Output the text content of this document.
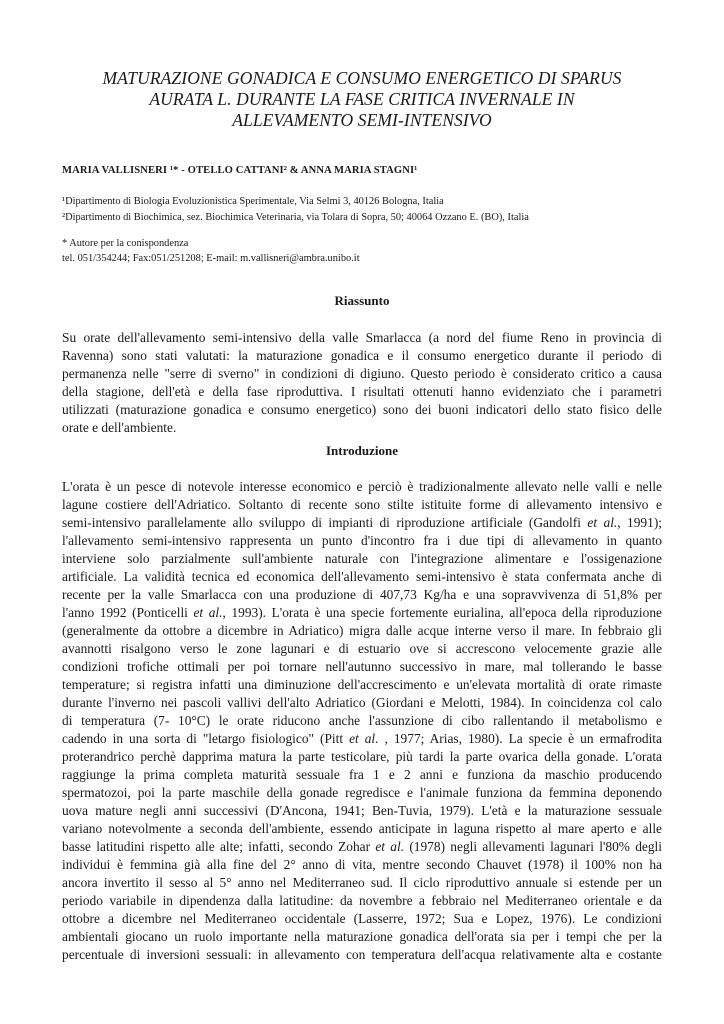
MATURAZIONE GONADICA E CONSUMO ENERGETICO DI SPARUS
AURATA L. DURANTE LA FASE CRITICA INVERNALE IN
ALLEVAMENTO SEMI-INTENSIVO
MARIA VALLISNERI ¹* - OTELLO CATTANI² & ANNA MARIA STAGNI¹
¹Dipartimento di Biologia Evoluzionistica Sperimentale, Via Selmi 3, 40126 Bologna, Italia
²Dipartimento di Biochimica, sez. Biochimica Veterinaria, via Tolara di Sopra, 50; 40064 Ozzano E. (BO), Italia
* Autore per la conispondenza
tel. 051/354244; Fax:051/251208; E-mail: m.vallisneri@ambra.unibo.it
Riassunto
Su orate dell'allevamento semi-intensivo della valle Smarlacca (a nord del fiume Reno in provincia di
Ravenna) sono stati valutati: la maturazione gonadica e il consumo energetico durante il periodo di
permanenza nelle "serre di sverno" in condizioni di digiuno. Questo periodo è considerato critico a causa
della stagione, dell'età e della fase riproduttiva. I risultati ottenuti hanno evidenziato che i parametri
utilizzati (maturazione gonadica e consumo energetico) sono dei buoni indicatori dello stato fisico delle
orate e dell'ambiente.
Introduzione
L'orata è un pesce di notevole interesse economico e perciò è tradizionalmente allevato nelle valli e nelle
lagune costiere dell'Adriatico. Soltanto di recente sono stilte istituite forme di allevamento intensivo e
semi-intensivo parallelamente allo sviluppo di impianti di riproduzione artificiale (Gandolfi et al., 1991);
l'allevamento semi-intensivo rappresenta un punto d'incontro fra i due tipi di allevamento in quanto
interviene solo parzialmente sull'ambiente naturale con l'integrazione alimentare e l'ossigenazione
artificiale. La validità tecnica ed economica dell'allevamento semi-intensivo è stata confermata anche di
recente per la valle Smarlacca con una produzione di 407,73 Kg/ha e una sopravvivenza di 51,8% per
l'anno 1992 (Ponticelli et al., 1993). L'orata è una specie fortemente eurialina, all'epoca della riproduzione
(generalmente da ottobre a dicembre in Adriatico) migra dalle acque interne verso il mare. In febbraio gli
avannotti risalgono verso le zone lagunari e di estuario ove si accrescono velocemente grazie alle
condizioni trofiche ottimali per poi tornare nell'autunno successivo in mare, mal tollerando le basse
temperature; si registra infatti una diminuzione dell'accrescimento e un'elevata mortalità di orate rimaste
durante l'inverno nei pascoli vallivi dell'alto Adriatico (Giordani e Melotti, 1984). In coincidenza col calo
di temperatura (7- 10°C) le orate riducono anche l'assunzione di cibo rallentando il metabolismo e
cadendo in una sorta di "letargo fisiologico" (Pitt et al. , 1977; Arias, 1980). La specie è un ermafrodita
proterandrico perchè dapprima matura la parte testicolare, più tardi la parte ovarica della gonade. L'orata
raggiunge la prima completa maturità sessuale fra 1 e 2 anni e funziona da maschio producendo
spermatozoi, poi la parte maschile della gonade regredisce e l'animale funziona da femmina deponendo
uova mature negli anni successivi (D'Ancona, 1941; Ben-Tuvia, 1979). L'età e la maturazione sessuale
variano notevolmente a seconda dell'ambiente, essendo anticipate in laguna rispetto al mare aperto e alle
basse latitudini rispetto alle alte; infatti, secondo Zohar et al. (1978) negli allevamenti lagunari l'80% degli
individui è femmina già alla fine del 2° anno di vita, mentre secondo Chauvet (1978) il 100% non ha
ancora invertito il sesso al 5° anno nel Mediterraneo sud. Il ciclo riproduttivo annuale si estende per un
periodo variabile in dipendenza dalla latitudine: da novembre a febbraio nel Mediterraneo orientale e da
ottobre a dicembre nel Mediterraneo occidentale (Lasserre, 1972; Sua e Lopez, 1976). Le condizioni
ambientali giocano un ruolo importante nella maturazione gonadica dell'orata sia per i tempi che per la
percentuale di inversioni sessuali: in allevamento con temperatura dell'acqua relativamente alta e costante
